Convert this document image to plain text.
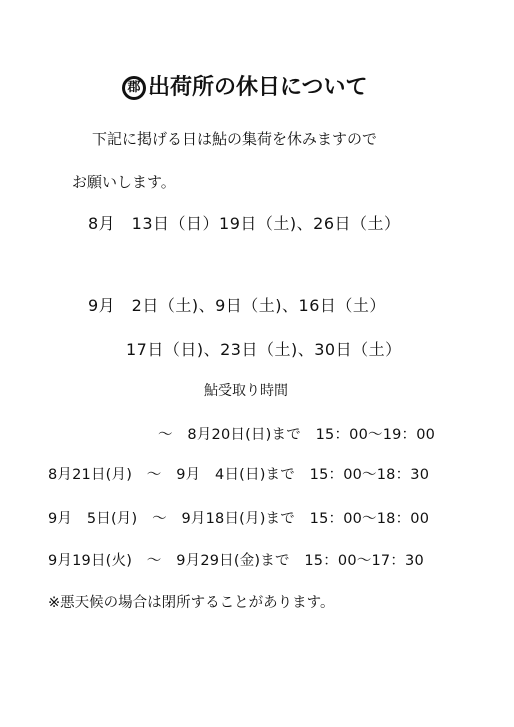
郡 出荷所の休日について
下記に掲げる日は鮎の集荷を休みますので
お願いします。
8月　13日（日）19日（土)、26日（土）
9月　2日（土)、9日（土)、16日（土）
17日（日)、23日（土)、30日（土）
鮎受取り時間
～　8月20日(日)まで　15：00～19：00
8月21日(月)　～　9月　4日(日)まで　15：00～18：30
9月　5日(月)　～　9月18日(月)まで　15：00～18：00
9月19日(火)　～　9月29日(金)まで　15：00～17：30
※悪天候の場合は閉所することがあります。
